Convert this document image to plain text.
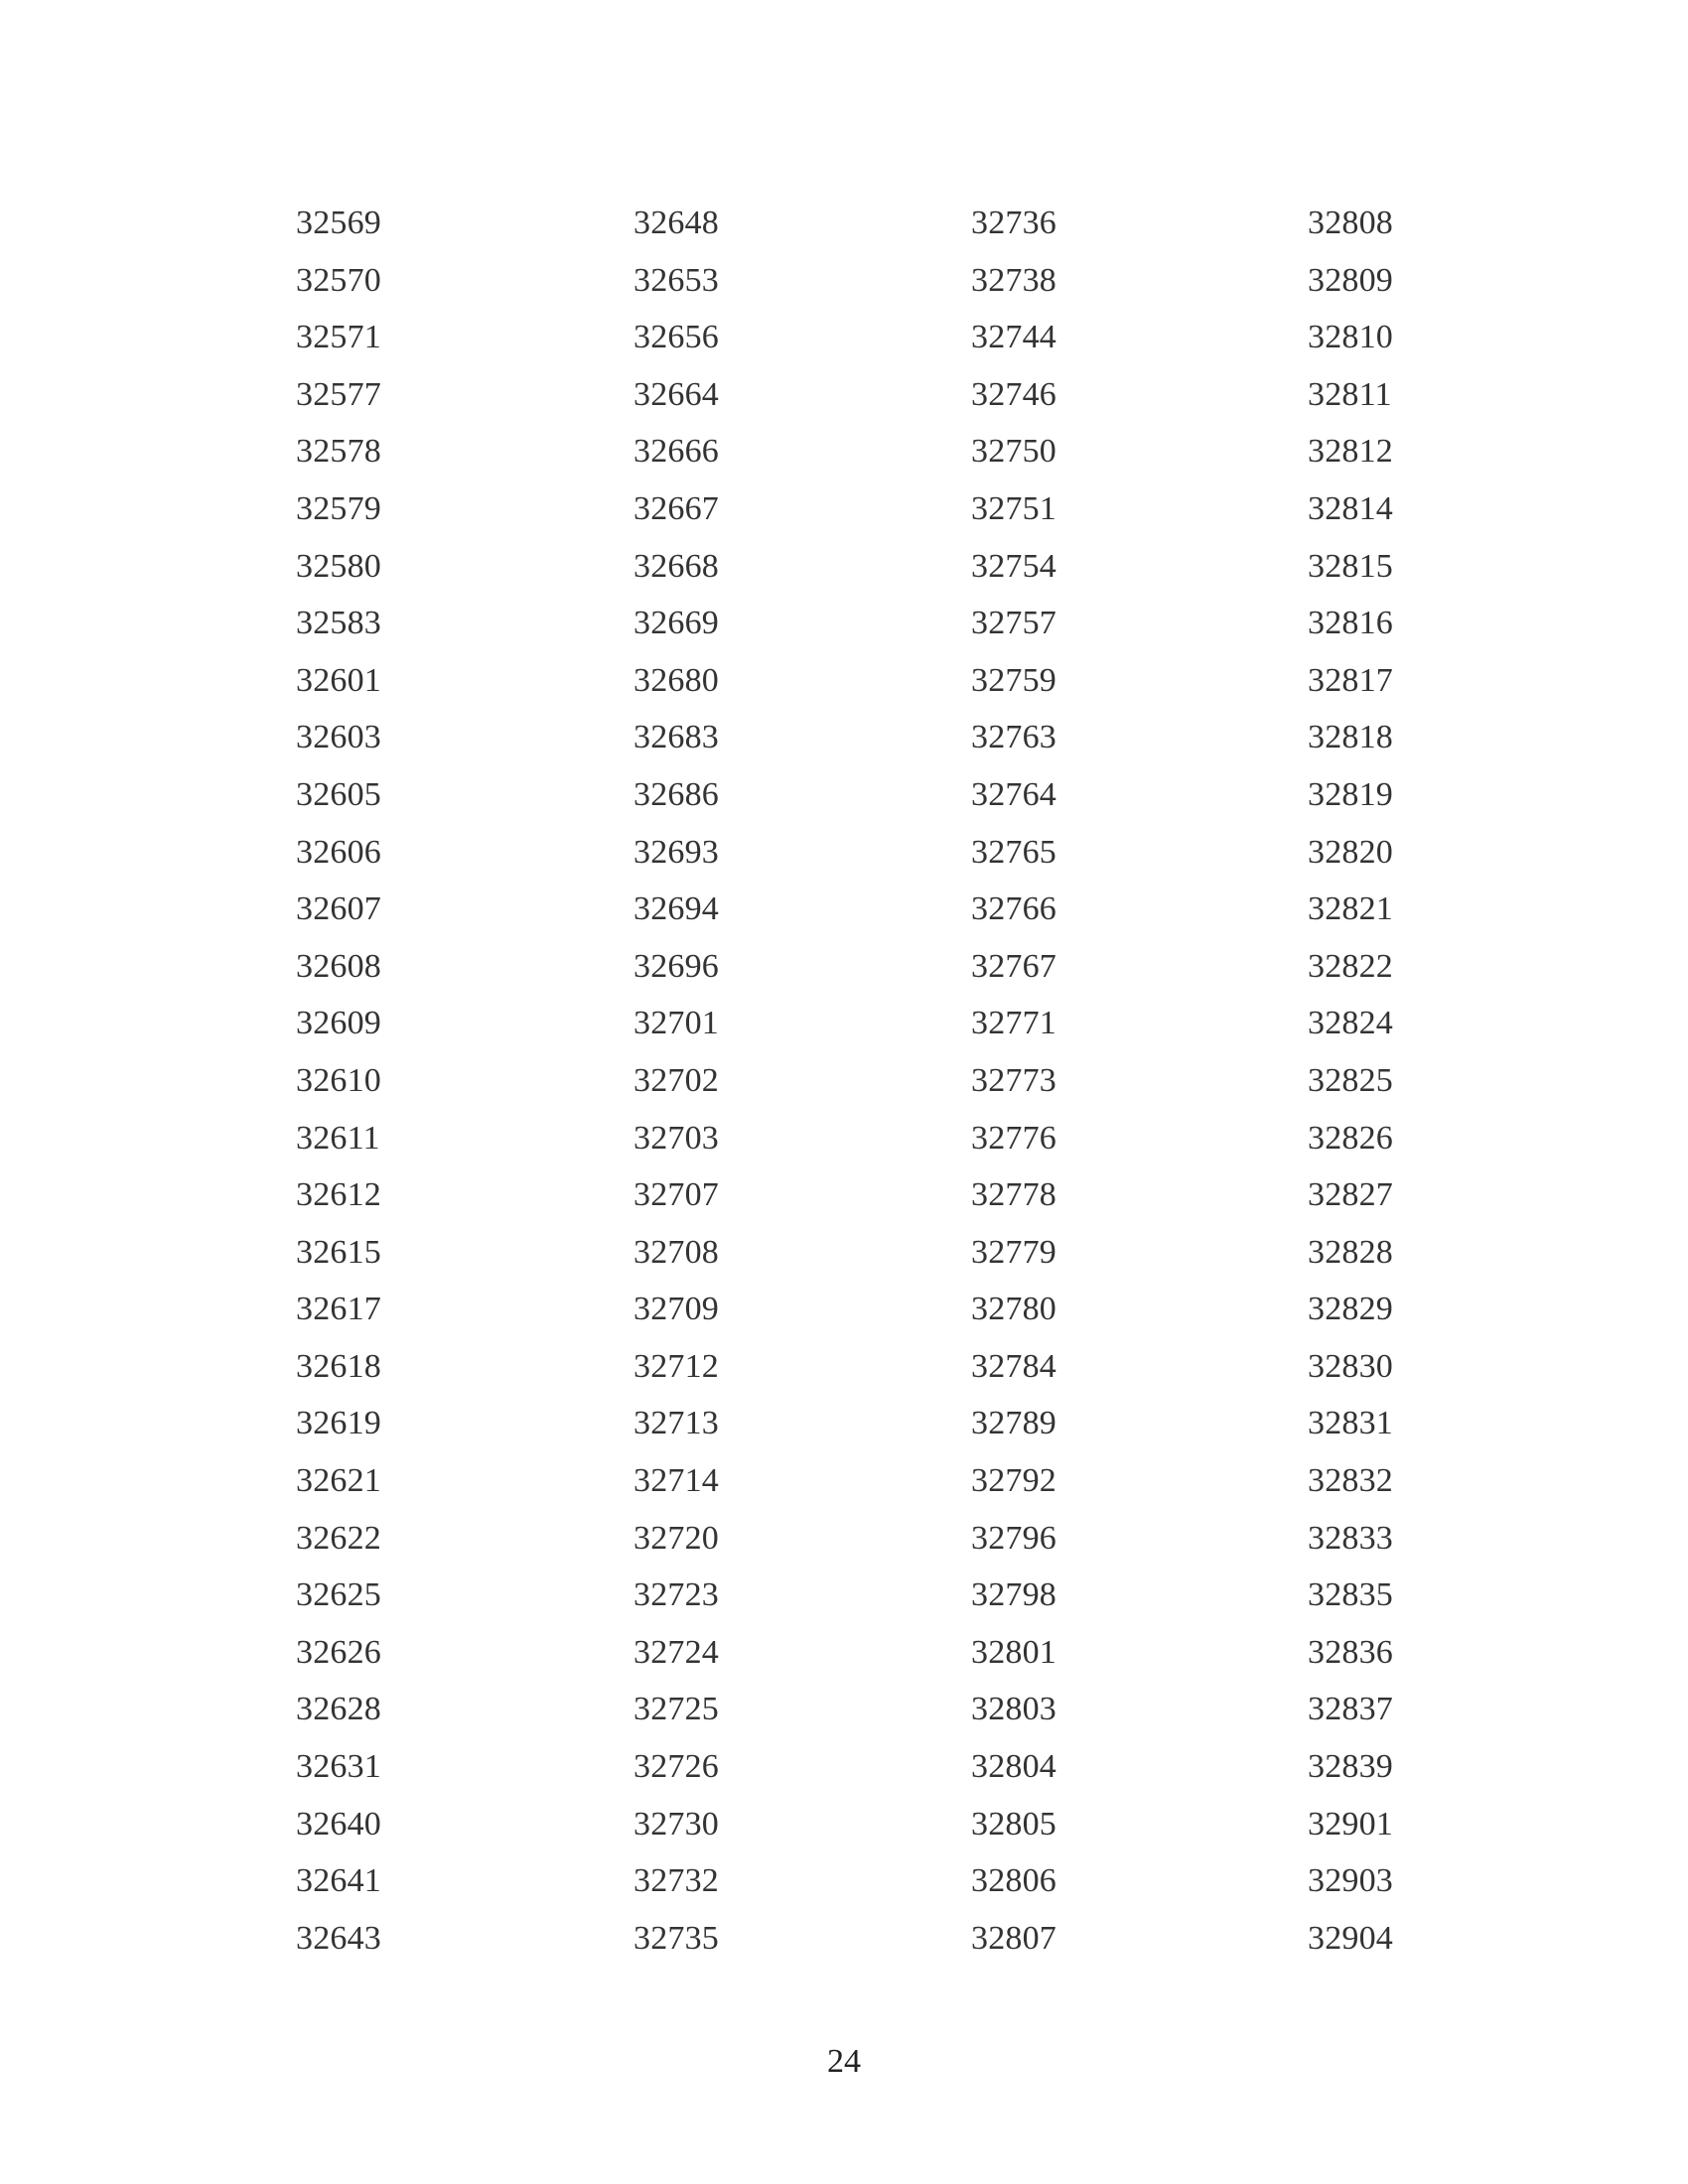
32569
32570
32571
32577
32578
32579
32580
32583
32601
32603
32605
32606
32607
32608
32609
32610
32611
32612
32615
32617
32618
32619
32621
32622
32625
32626
32628
32631
32640
32641
32643
32648
32653
32656
32664
32666
32667
32668
32669
32680
32683
32686
32693
32694
32696
32701
32702
32703
32707
32708
32709
32712
32713
32714
32720
32723
32724
32725
32726
32730
32732
32735
32736
32738
32744
32746
32750
32751
32754
32757
32759
32763
32764
32765
32766
32767
32771
32773
32776
32778
32779
32780
32784
32789
32792
32796
32798
32801
32803
32804
32805
32806
32807
32808
32809
32810
32811
32812
32814
32815
32816
32817
32818
32819
32820
32821
32822
32824
32825
32826
32827
32828
32829
32830
32831
32832
32833
32835
32836
32837
32839
32901
32903
32904
24
